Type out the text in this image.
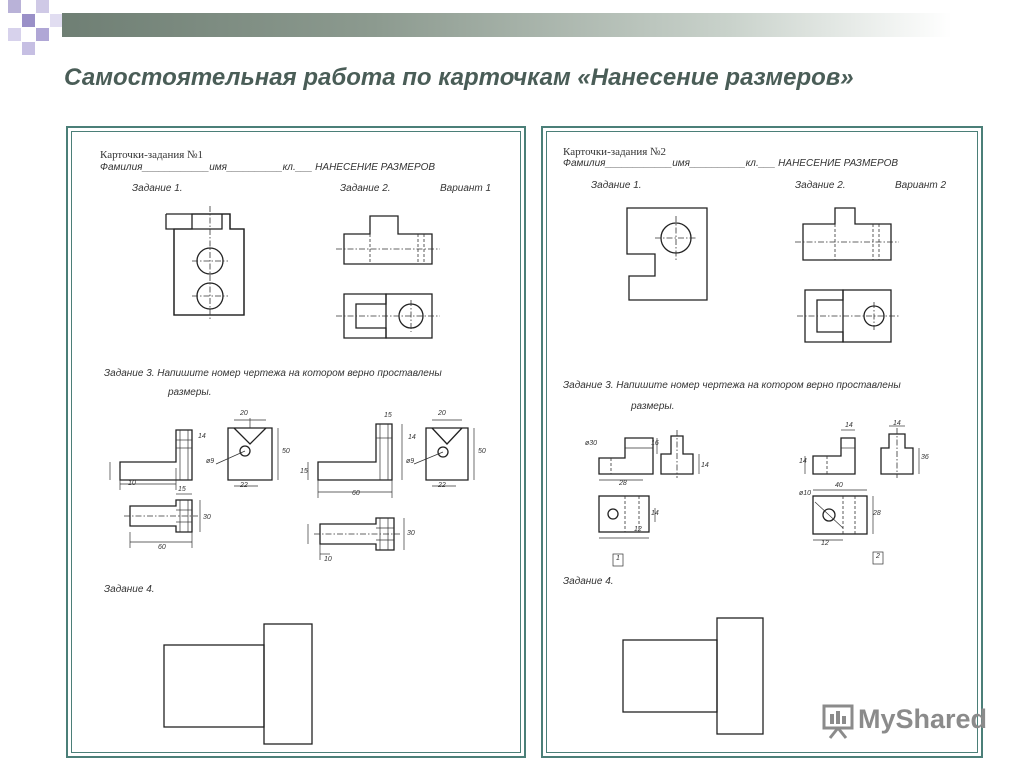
Самостоятельная работа по карточкам «Нанесение размеров»
Карточки-задания №1
Фамилия____________имя__________кл.___ НАНЕСЕНИЕ РАЗМЕРОВ
Задание 1.	Задание 2.	Вариант 1
Задание 3. Напишите номер чертежа на котором верно проставлены
размеры.
Задание 4.
20
14
50
ø9
10	22
15	20
14
50
15
60
ø9
22
15
30
60
30
10
Карточки-задания №2
Фамилия____________имя__________кл.___ НАНЕСЕНИЕ РАЗМЕРОВ
Задание 1.	Задание 2.	Вариант 2
Задание 3. Напишите номер чертежа на котором верно проставлены
размеры.
Задание 4.
1	2
ø30	16
14
28
14
14	14
36
14
40
ø10
28
12
12
MyShared
